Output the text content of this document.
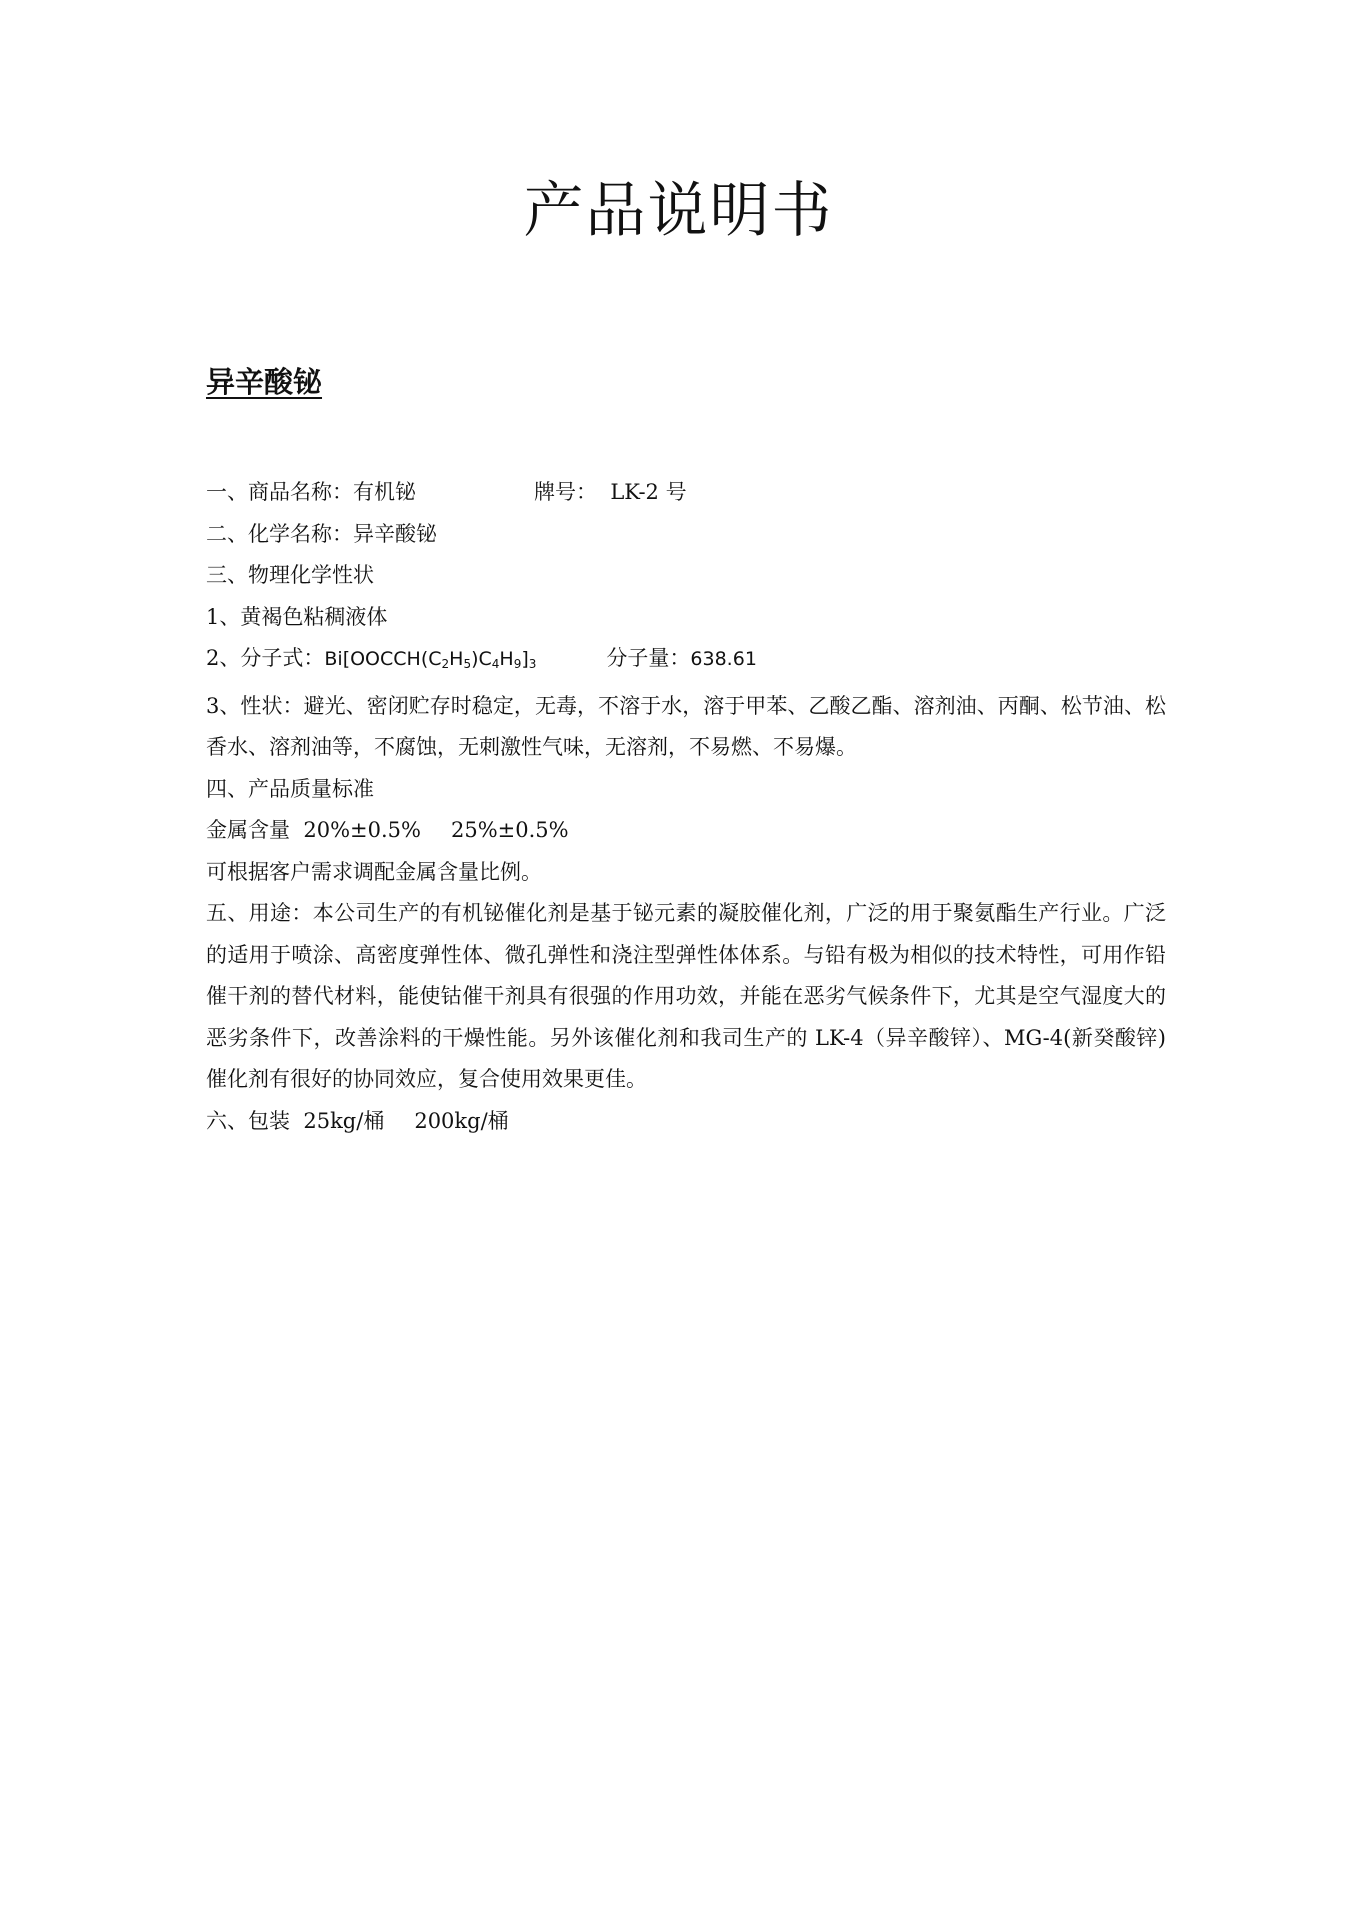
产品说明书
异辛酸铋
一、商品名称：有机铋	牌号： LK-2 号
二、化学名称：异辛酸铋
三、物理化学性状
1、黄褐色粘稠液体
2、分子式：$Bi[OOCCH(C_2H_5)C_4H_9]_3$	分子量：638.61
3、性状：避光、密闭贮存时稳定，无毒，不溶于水，溶于甲苯、乙酸乙酯、溶剂油、丙酮、松节油、松香水、溶剂油等，不腐蚀，无刺激性气味，无溶剂，不易燃、不易爆。
四、产品质量标准
金属含量 20%±0.5% 25%±0.5%
可根据客户需求调配金属含量比例。
五、用途：本公司生产的有机铋催化剂是基于铋元素的凝胶催化剂，广泛的用于聚氨酯生产行业。广泛的适用于喷涂、高密度弹性体、微孔弹性和浇注型弹性体体系。与铅有极为相似的技术特性，可用作铅催干剂的替代材料，能使钴催干剂具有很强的作用功效，并能在恶劣气候条件下，尤其是空气湿度大的恶劣条件下，改善涂料的干燥性能。另外该催化剂和我司生产的 LK-4（异辛酸锌）、MG-4(新癸酸锌)催化剂有很好的协同效应，复合使用效果更佳。
六、包装 25kg/桶 200kg/桶
